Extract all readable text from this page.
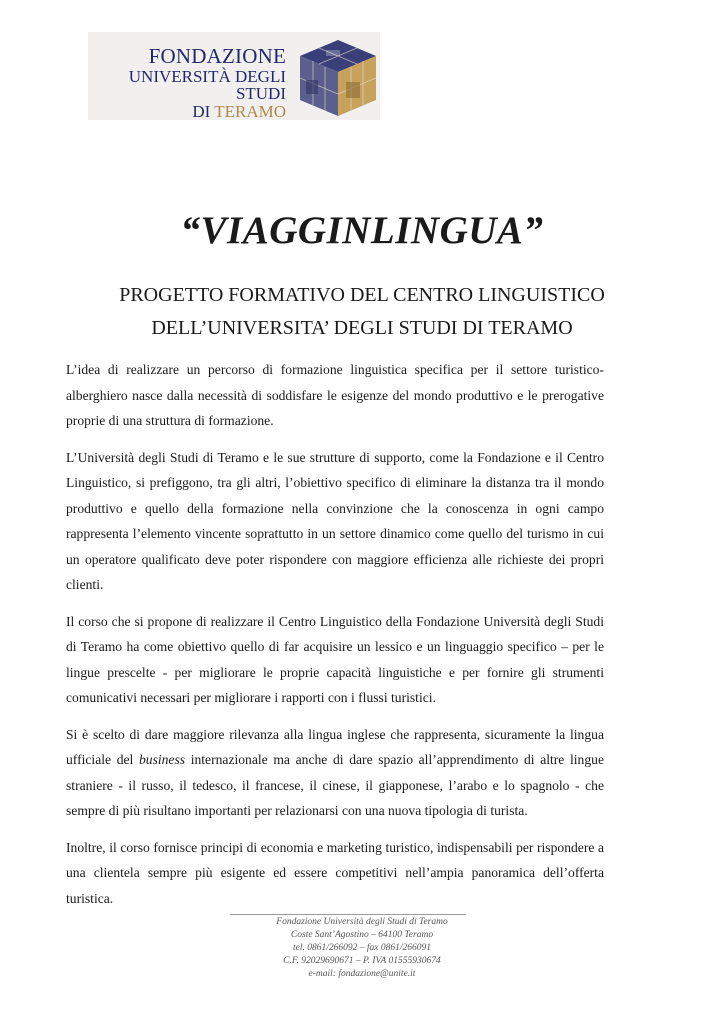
FONDAZIONE
UNIVERSITÀ DEGLI STUDI
DI TERAMO
“VIAGGINLINGUA”
PROGETTO FORMATIVO DEL CENTRO LINGUISTICO
DELL’UNIVERSITA’ DEGLI STUDI DI TERAMO

L’idea di realizzare un percorso di formazione linguistica specifica per il settore turistico-alberghiero nasce dalla necessità di soddisfare le esigenze del mondo produttivo e le prerogative proprie di una struttura di formazione.

L’Università degli Studi di Teramo e le sue strutture di supporto, come la Fondazione e il Centro Linguistico, si prefiggono, tra gli altri, l’obiettivo specifico di eliminare la distanza tra il mondo produttivo e quello della formazione nella convinzione che la conoscenza in ogni campo rappresenta l’elemento vincente soprattutto in un settore dinamico come quello del turismo in cui un operatore qualificato deve poter rispondere con maggiore efficienza alle richieste dei propri clienti.

Il corso che si propone di realizzare il Centro Linguistico della Fondazione Università degli Studi di Teramo ha come obiettivo quello di far acquisire un lessico e un linguaggio specifico – per le lingue prescelte - per migliorare le proprie capacità linguistiche e per fornire gli strumenti comunicativi necessari per migliorare i rapporti con i flussi turistici.

Si è scelto di dare maggiore rilevanza alla lingua inglese che rappresenta, sicuramente la lingua ufficiale del business internazionale ma anche di dare spazio all’apprendimento di altre lingue straniere - il russo, il tedesco, il francese, il cinese, il giapponese, l’arabo e lo spagnolo - che sempre di più risultano importanti per relazionarsi con una nuova tipologia di turista.

Inoltre, il corso fornisce principi di economia e marketing turistico, indispensabili per rispondere a una clientela sempre più esigente ed essere competitivi nell’ampia panoramica dell’offerta turistica.

Fondazione Università degli Studi di Teramo
Coste Sant’Agostino – 64100 Teramo
tel. 0861/266092 – fax 0861/266091
C.F. 92029690671 – P. IVA 01555930674
e-mail: fondazione@unite.it
